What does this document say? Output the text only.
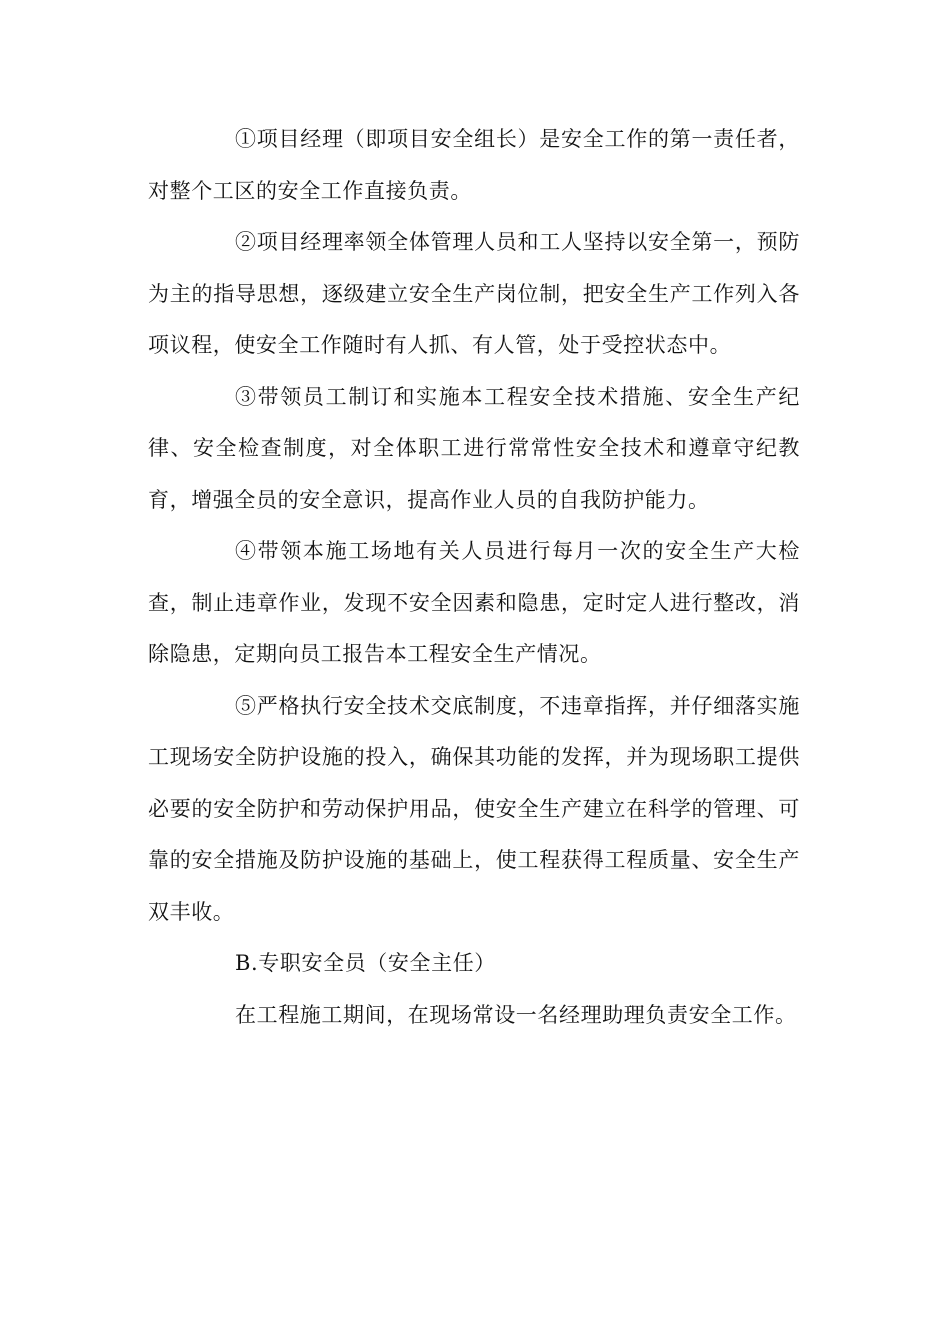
①项目经理（即项目安全组长）是安全工作的第一责任者，对整个工区的安全工作直接负责。

②项目经理率领全体管理人员和工人坚持以安全第一，预防为主的指导思想，逐级建立安全生产岗位制，把安全生产工作列入各项议程，使安全工作随时有人抓、有人管，处于受控状态中。

③带领员工制订和实施本工程安全技术措施、安全生产纪律、安全检查制度，对全体职工进行常常性安全技术和遵章守纪教育，增强全员的安全意识，提高作业人员的自我防护能力。

④带领本施工场地有关人员进行每月一次的安全生产大检查，制止违章作业，发现不安全因素和隐患，定时定人进行整改，消除隐患，定期向员工报告本工程安全生产情况。

⑤严格执行安全技术交底制度，不违章指挥，并仔细落实施工现场安全防护设施的投入，确保其功能的发挥，并为现场职工提供必要的安全防护和劳动保护用品，使安全生产建立在科学的管理、可靠的安全措施及防护设施的基础上，使工程获得工程质量、安全生产双丰收。

B.专职安全员（安全主任）

在工程施工期间，在现场常设一名经理助理负责安全工作。
